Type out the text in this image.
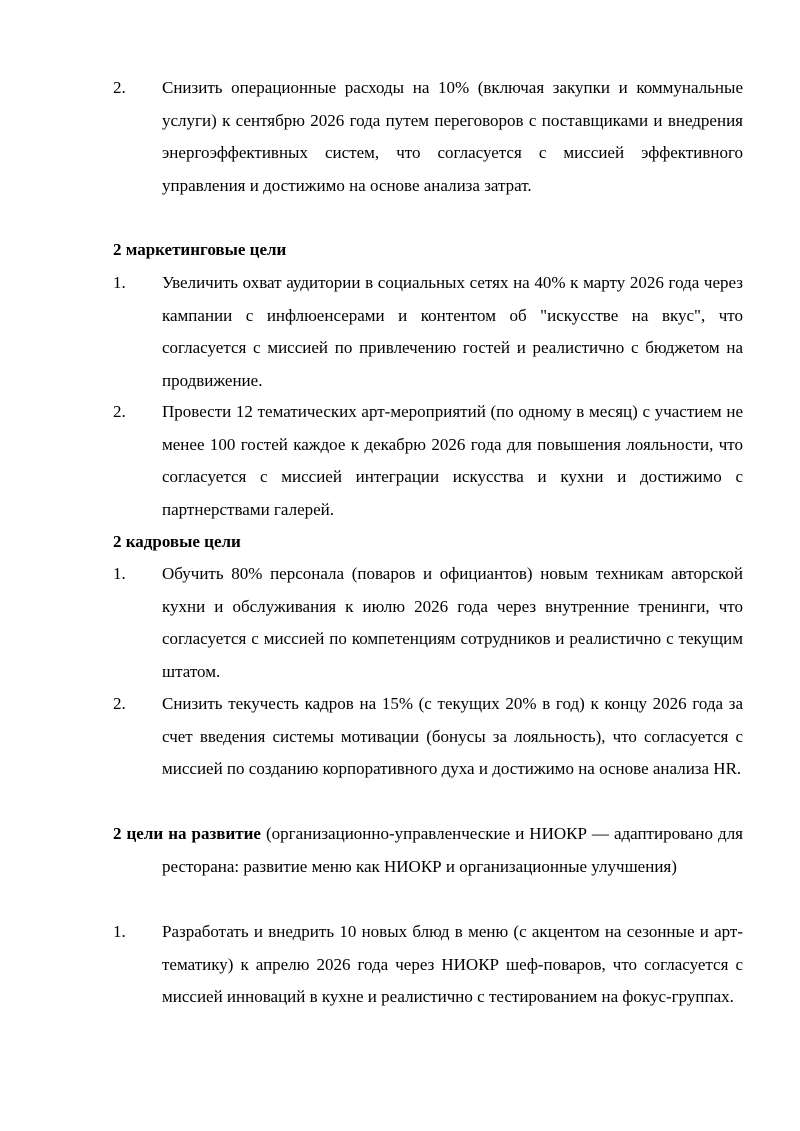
2.	Снизить операционные расходы на 10% (включая закупки и коммунальные услуги) к сентябрю 2026 года путем переговоров с поставщиками и внедрения энергоэффективных систем, что согласуется с миссией эффективного управления и достижимо на основе анализа затрат.
2 маркетинговые цели
1.	Увеличить охват аудитории в социальных сетях на 40% к марту 2026 года через кампании с инфлюенсерами и контентом об "искусстве на вкус", что согласуется с миссией по привлечению гостей и реалистично с бюджетом на продвижение.
2.	Провести 12 тематических арт-мероприятий (по одному в месяц) с участием не менее 100 гостей каждое к декабрю 2026 года для повышения лояльности, что согласуется с миссией интеграции искусства и кухни и достижимо с партнерствами галерей.
2 кадровые цели
1.	Обучить 80% персонала (поваров и официантов) новым техникам авторской кухни и обслуживания к июлю 2026 года через внутренние тренинги, что согласуется с миссией по компетенциям сотрудников и реалистично с текущим штатом.
2.	Снизить текучесть кадров на 15% (с текущих 20% в год) к концу 2026 года за счет введения системы мотивации (бонусы за лояльность), что согласуется с миссией по созданию корпоративного духа и достижимо на основе анализа HR.
2 цели на развитие (организационно-управленческие и НИОКР — адаптировано для ресторана: развитие меню как НИОКР и организационные улучшения)
1.	Разработать и внедрить 10 новых блюд в меню (с акцентом на сезонные и арт-тематику) к апрелю 2026 года через НИОКР шеф-поваров, что согласуется с миссией инноваций в кухне и реалистично с тестированием на фокус-группах.
